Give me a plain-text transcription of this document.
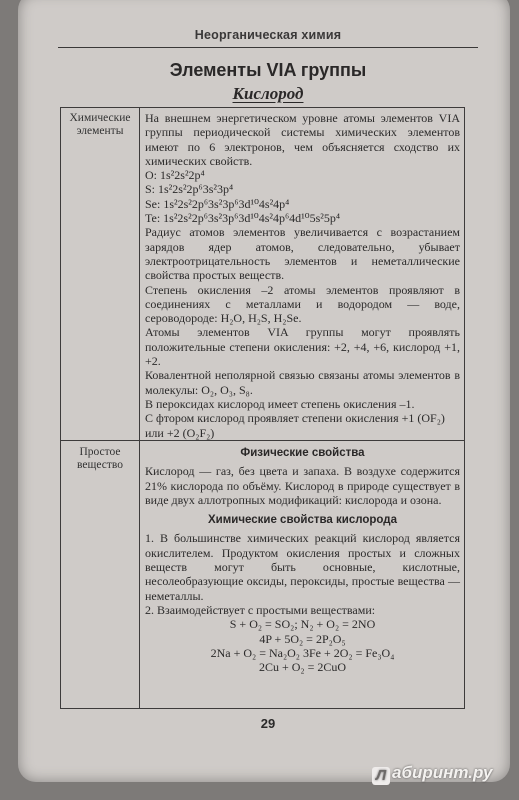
Неорганическая химия
Элементы VIA группы
Кислород
Химические элементы

На внешнем энергетическом уровне атомы элементов VIA группы периодической системы химических элементов имеют по 6 электронов, чем объясняется сходство их химических свойств.

O: 1s²2s²2p⁴

S: 1s²2s²2p⁶3s²3p⁴

Se: 1s²2s²2p⁶3s²3p⁶3d¹⁰4s²4p⁴

Te: 1s²2s²2p⁶3s²3p⁶3d¹⁰4s²4p⁶4d¹⁰5s²5p⁴

Радиус атомов элементов увеличивается с возрастанием зарядов ядер атомов, следовательно, убывает электроотрицательность элементов и неметаллические свойства простых веществ.

Степень окисления –2 атомы элементов проявляют в соединениях с металлами и водородом — воде, сероводороде: H₂O, H₂S, H₂Se.

Атомы элементов VIA группы могут проявлять положительные степени окисления: +2, +4, +6, кислород +1, +2.

Ковалентной неполярной связью связаны атомы элементов в молекулы: O₂, O₃, S₈.

В пероксидах кислород имеет степень окисления –1.

С фтором кислород проявляет степени окисления +1 (OF₂) или +2 (O₂F₂)

Простое вещество

Физические свойства

Кислород — газ, без цвета и запаха. В воздухе содержится 21% кислорода по объёму. Кислород в природе существует в виде двух аллотропных модификаций: кислорода и озона.

Химические свойства кислорода

1. В большинстве химических реакций кислород является окислителем. Продуктом окисления простых и сложных веществ могут быть основные, кислотные, несолеобразующие оксиды, пероксиды, простые вещества — неметаллы.

2. Взаимодействует с простыми веществами:

S + O₂ = SO₂; N₂ + O₂ = 2NO

4P + 5O₂ = 2P₂O₅

2Na + O₂ = Na₂O₂ 3Fe + 2O₂ = Fe₃O₄

2Cu + O₂ = 2CuO

29
Л абиринт.ру
